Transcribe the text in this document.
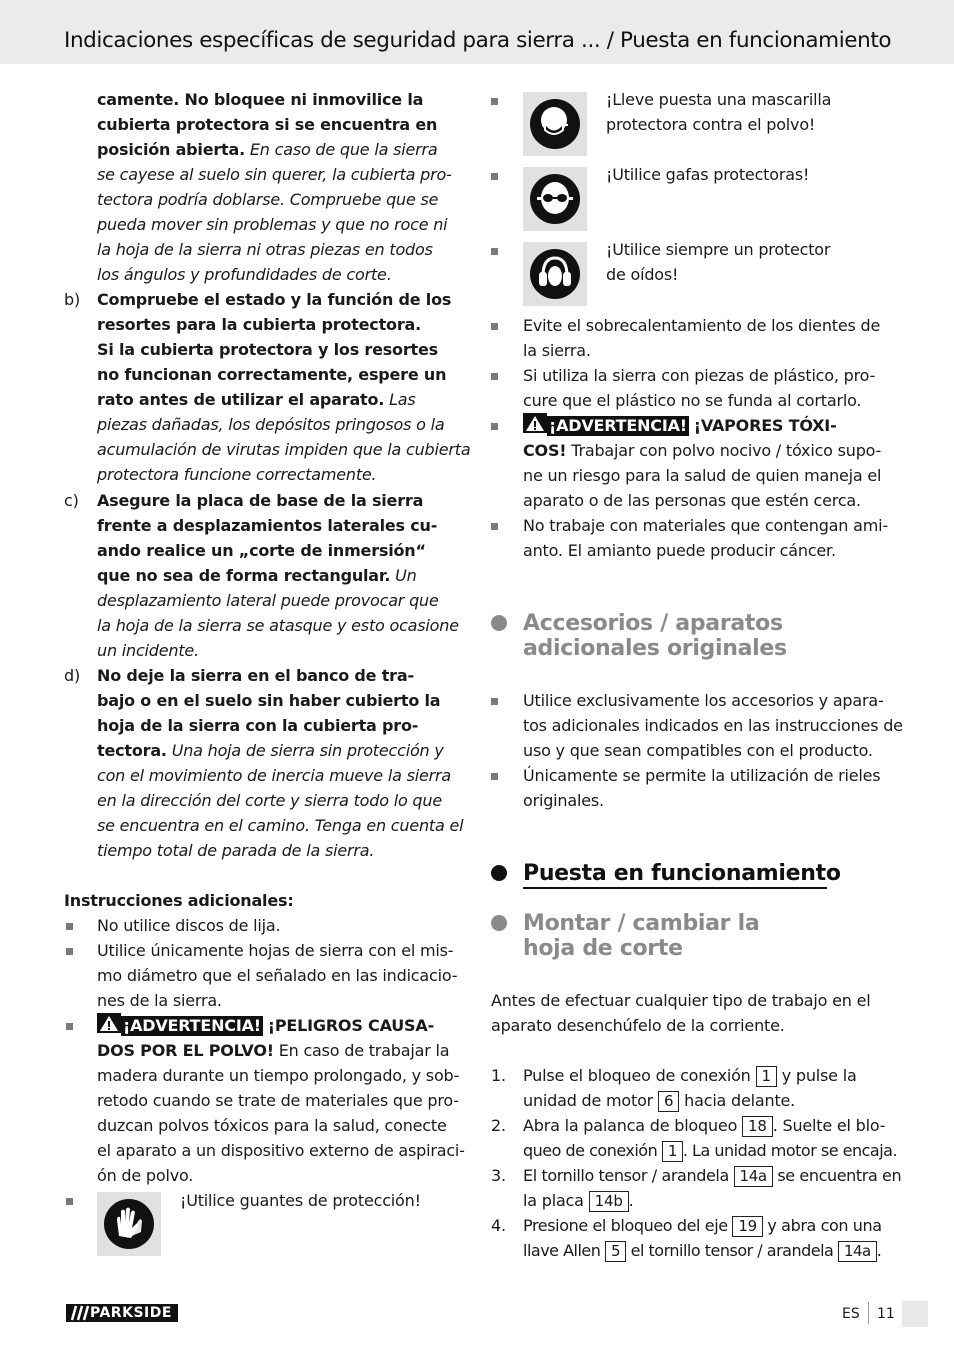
Indicaciones específicas de seguridad para sierra ... / Puesta en funcionamiento
camente. No bloquee ni inmovilice la
cubierta protectora si se encuentra en
posición abierta. En caso de que la sierra
se cayese al suelo sin querer, la cubierta pro-
tectora podría doblarse. Compruebe que se
pueda mover sin problemas y que no roce ni
la hoja de la sierra ni otras piezas en todos
los ángulos y profundidades de corte.
b) Compruebe el estado y la función de los
resortes para la cubierta protectora.
Si la cubierta protectora y los resortes
no funcionan correctamente, espere un
rato antes de utilizar el aparato. Las
piezas dañadas, los depósitos pringosos o la
acumulación de virutas impiden que la cubierta
protectora funcione correctamente.
c) Asegure la placa de base de la sierra
frente a desplazamientos laterales cu-
ando realice un „corte de inmersión“
que no sea de forma rectangular. Un
desplazamiento lateral puede provocar que
la hoja de la sierra se atasque y esto ocasione
un incidente.
d) No deje la sierra en el banco de tra-
bajo o en el suelo sin haber cubierto la
hoja de la sierra con la cubierta pro-
tectora. Una hoja de sierra sin protección y
con el movimiento de inercia mueve la sierra
en la dirección del corte y sierra todo lo que
se encuentra en el camino. Tenga en cuenta el
tiempo total de parada de la sierra.
Instrucciones adicionales:
No utilice discos de lija.
Utilice únicamente hojas de sierra con el mis-
mo diámetro que el señalado en las indicacio-
nes de la sierra.
¡ADVERTENCIA! ¡PELIGROS CAUSA-
DOS POR EL POLVO! En caso de trabajar la
madera durante un tiempo prolongado, y sob-
retodo cuando se trate de materiales que pro-
duzcan polvos tóxicos para la salud, conecte
el aparato a un dispositivo externo de aspiraci-
ón de polvo.
¡Utilice guantes de protección!
¡Lleve puesta una mascarilla
protectora contra el polvo!
¡Utilice gafas protectoras!
¡Utilice siempre un protector
de oídos!
Evite el sobrecalentamiento de los dientes de
la sierra.
Si utiliza la sierra con piezas de plástico, pro-
cure que el plástico no se funda al cortarlo.
¡ADVERTENCIA! ¡VAPORES TÓXI-
COS! Trabajar con polvo nocivo / tóxico supo-
ne un riesgo para la salud de quien maneja el
aparato o de las personas que estén cerca.
No trabaje con materiales que contengan ami-
anto. El amianto puede producir cáncer.
Accesorios / aparatos
adicionales originales
Utilice exclusivamente los accesorios y apara-
tos adicionales indicados en las instrucciones de
uso y que sean compatibles con el producto.
Únicamente se permite la utilización de rieles
originales.
Puesta en funcionamiento
Montar / cambiar la
hoja de corte
Antes de efectuar cualquier tipo de trabajo en el
aparato desenchúfelo de la corriente.
1. Pulse el bloqueo de conexión 1 y pulse la
unidad de motor 6 hacia delante.
2. Abra la palanca de bloqueo 18 . Suelte el blo-
queo de conexión 1 . La unidad motor se encaja.
3. El tornillo tensor / arandela 14a se encuentra en
la placa 14b .
4. Presione el bloqueo del eje 19 y abra con una
llave Allen 5 el tornillo tensor / arandela 14a .
PARKSIDE	ES 11
